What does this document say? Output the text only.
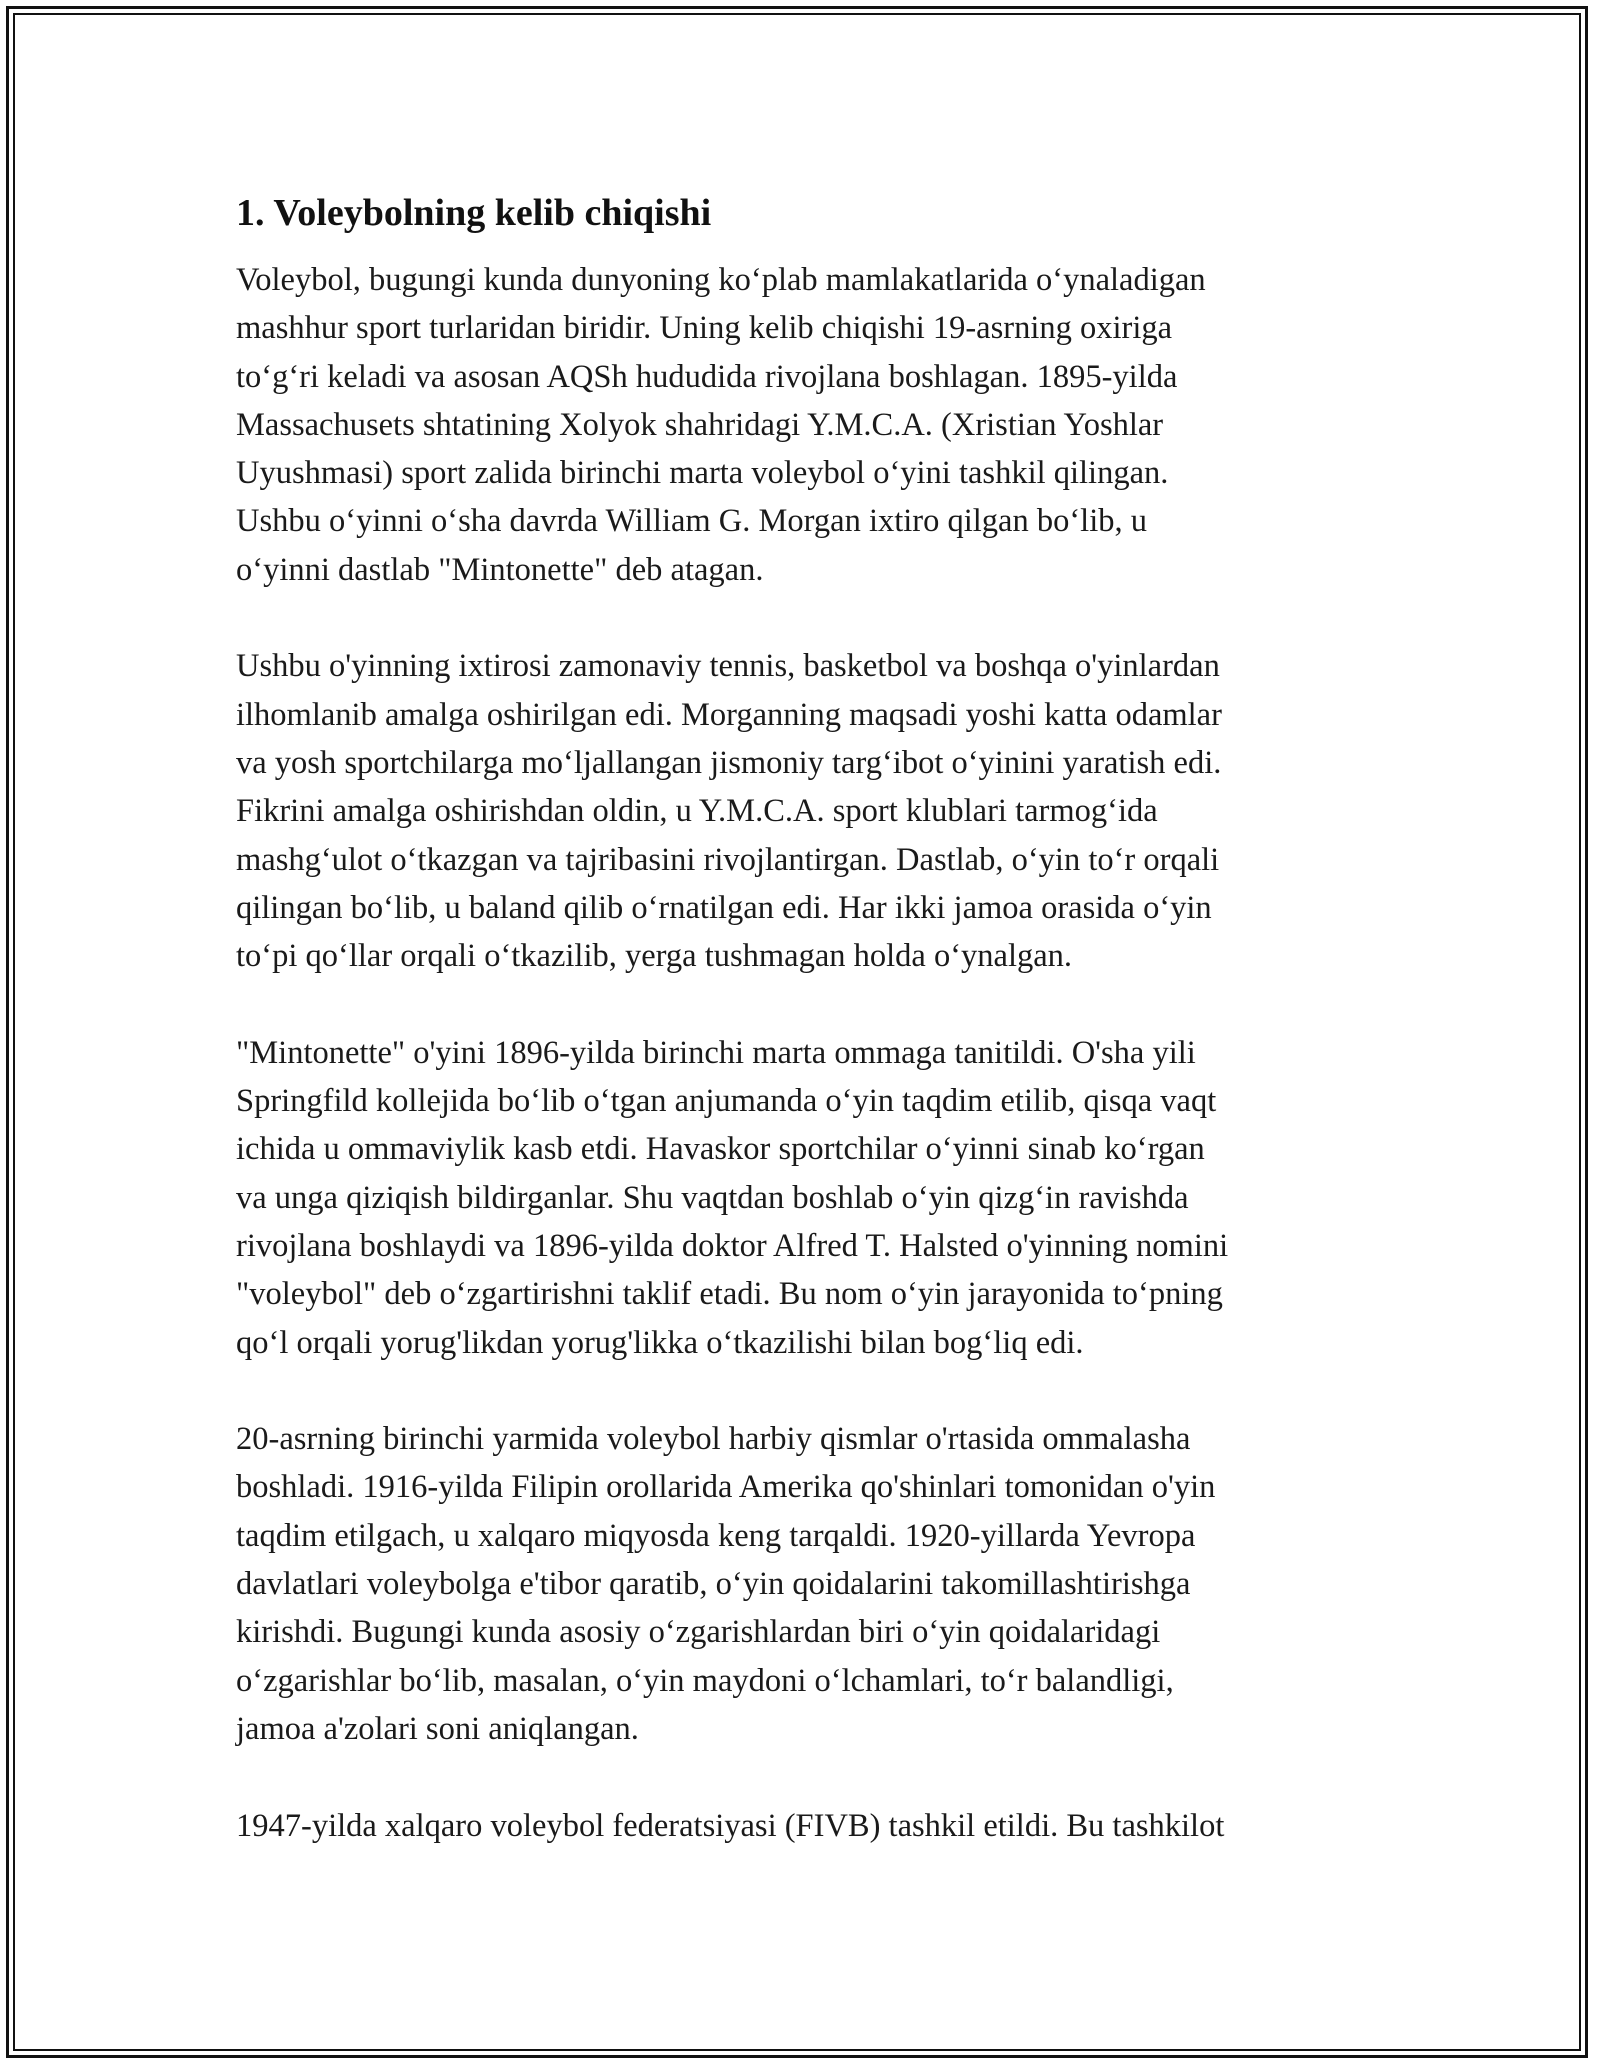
1. Voleybolning kelib chiqishi
Voleybol, bugungi kunda dunyoning ko‘plab mamlakatlarida o‘ynaladigan
mashhur sport turlaridan biridir. Uning kelib chiqishi 19-asrning oxiriga
to‘g‘ri keladi va asosan AQSh hududida rivojlana boshlagan. 1895-yilda
Massachusets shtatining Xolyok shahridagi Y.M.C.A. (Xristian Yoshlar
Uyushmasi) sport zalida birinchi marta voleybol o‘yini tashkil qilingan.
Ushbu o‘yinni o‘sha davrda William G. Morgan ixtiro qilgan bo‘lib, u
o‘yinni dastlab "Mintonette" deb atagan.
Ushbu o'yinning ixtirosi zamonaviy tennis, basketbol va boshqa o'yinlardan
ilhomlanib amalga oshirilgan edi. Morganning maqsadi yoshi katta odamlar
va yosh sportchilarga mo‘ljallangan jismoniy targ‘ibot o‘yinini yaratish edi.
Fikrini amalga oshirishdan oldin, u Y.M.C.A. sport klublari tarmog‘ida
mashg‘ulot o‘tkazgan va tajribasini rivojlantirgan. Dastlab, o‘yin to‘r orqali
qilingan bo‘lib, u baland qilib o‘rnatilgan edi. Har ikki jamoa orasida o‘yin
to‘pi qo‘llar orqali o‘tkazilib, yerga tushmagan holda o‘ynalgan.
"Mintonette" o'yini 1896-yilda birinchi marta ommaga tanitildi. O'sha yili
Springfild kollejida bo‘lib o‘tgan anjumanda o‘yin taqdim etilib, qisqa vaqt
ichida u ommaviylik kasb etdi. Havaskor sportchilar o‘yinni sinab ko‘rgan
va unga qiziqish bildirganlar. Shu vaqtdan boshlab o‘yin qizg‘in ravishda
rivojlana boshlaydi va 1896-yilda doktor Alfred T. Halsted o'yinning nomini
"voleybol" deb o‘zgartirishni taklif etadi. Bu nom o‘yin jarayonida to‘pning
qo‘l orqali yorug'likdan yorug'likka o‘tkazilishi bilan bog‘liq edi.
20-asrning birinchi yarmida voleybol harbiy qismlar o'rtasida ommalasha
boshladi. 1916-yilda Filipin orollarida Amerika qo'shinlari tomonidan o'yin
taqdim etilgach, u xalqaro miqyosda keng tarqaldi. 1920-yillarda Yevropa
davlatlari voleybolga e'tibor qaratib, o‘yin qoidalarini takomillashtirishga
kirishdi. Bugungi kunda asosiy o‘zgarishlardan biri o‘yin qoidalaridagi
o‘zgarishlar bo‘lib, masalan, o‘yin maydoni o‘lchamlari, to‘r balandligi,
jamoa a'zolari soni aniqlangan.
1947-yilda xalqaro voleybol federatsiyasi (FIVB) tashkil etildi. Bu tashkilot
